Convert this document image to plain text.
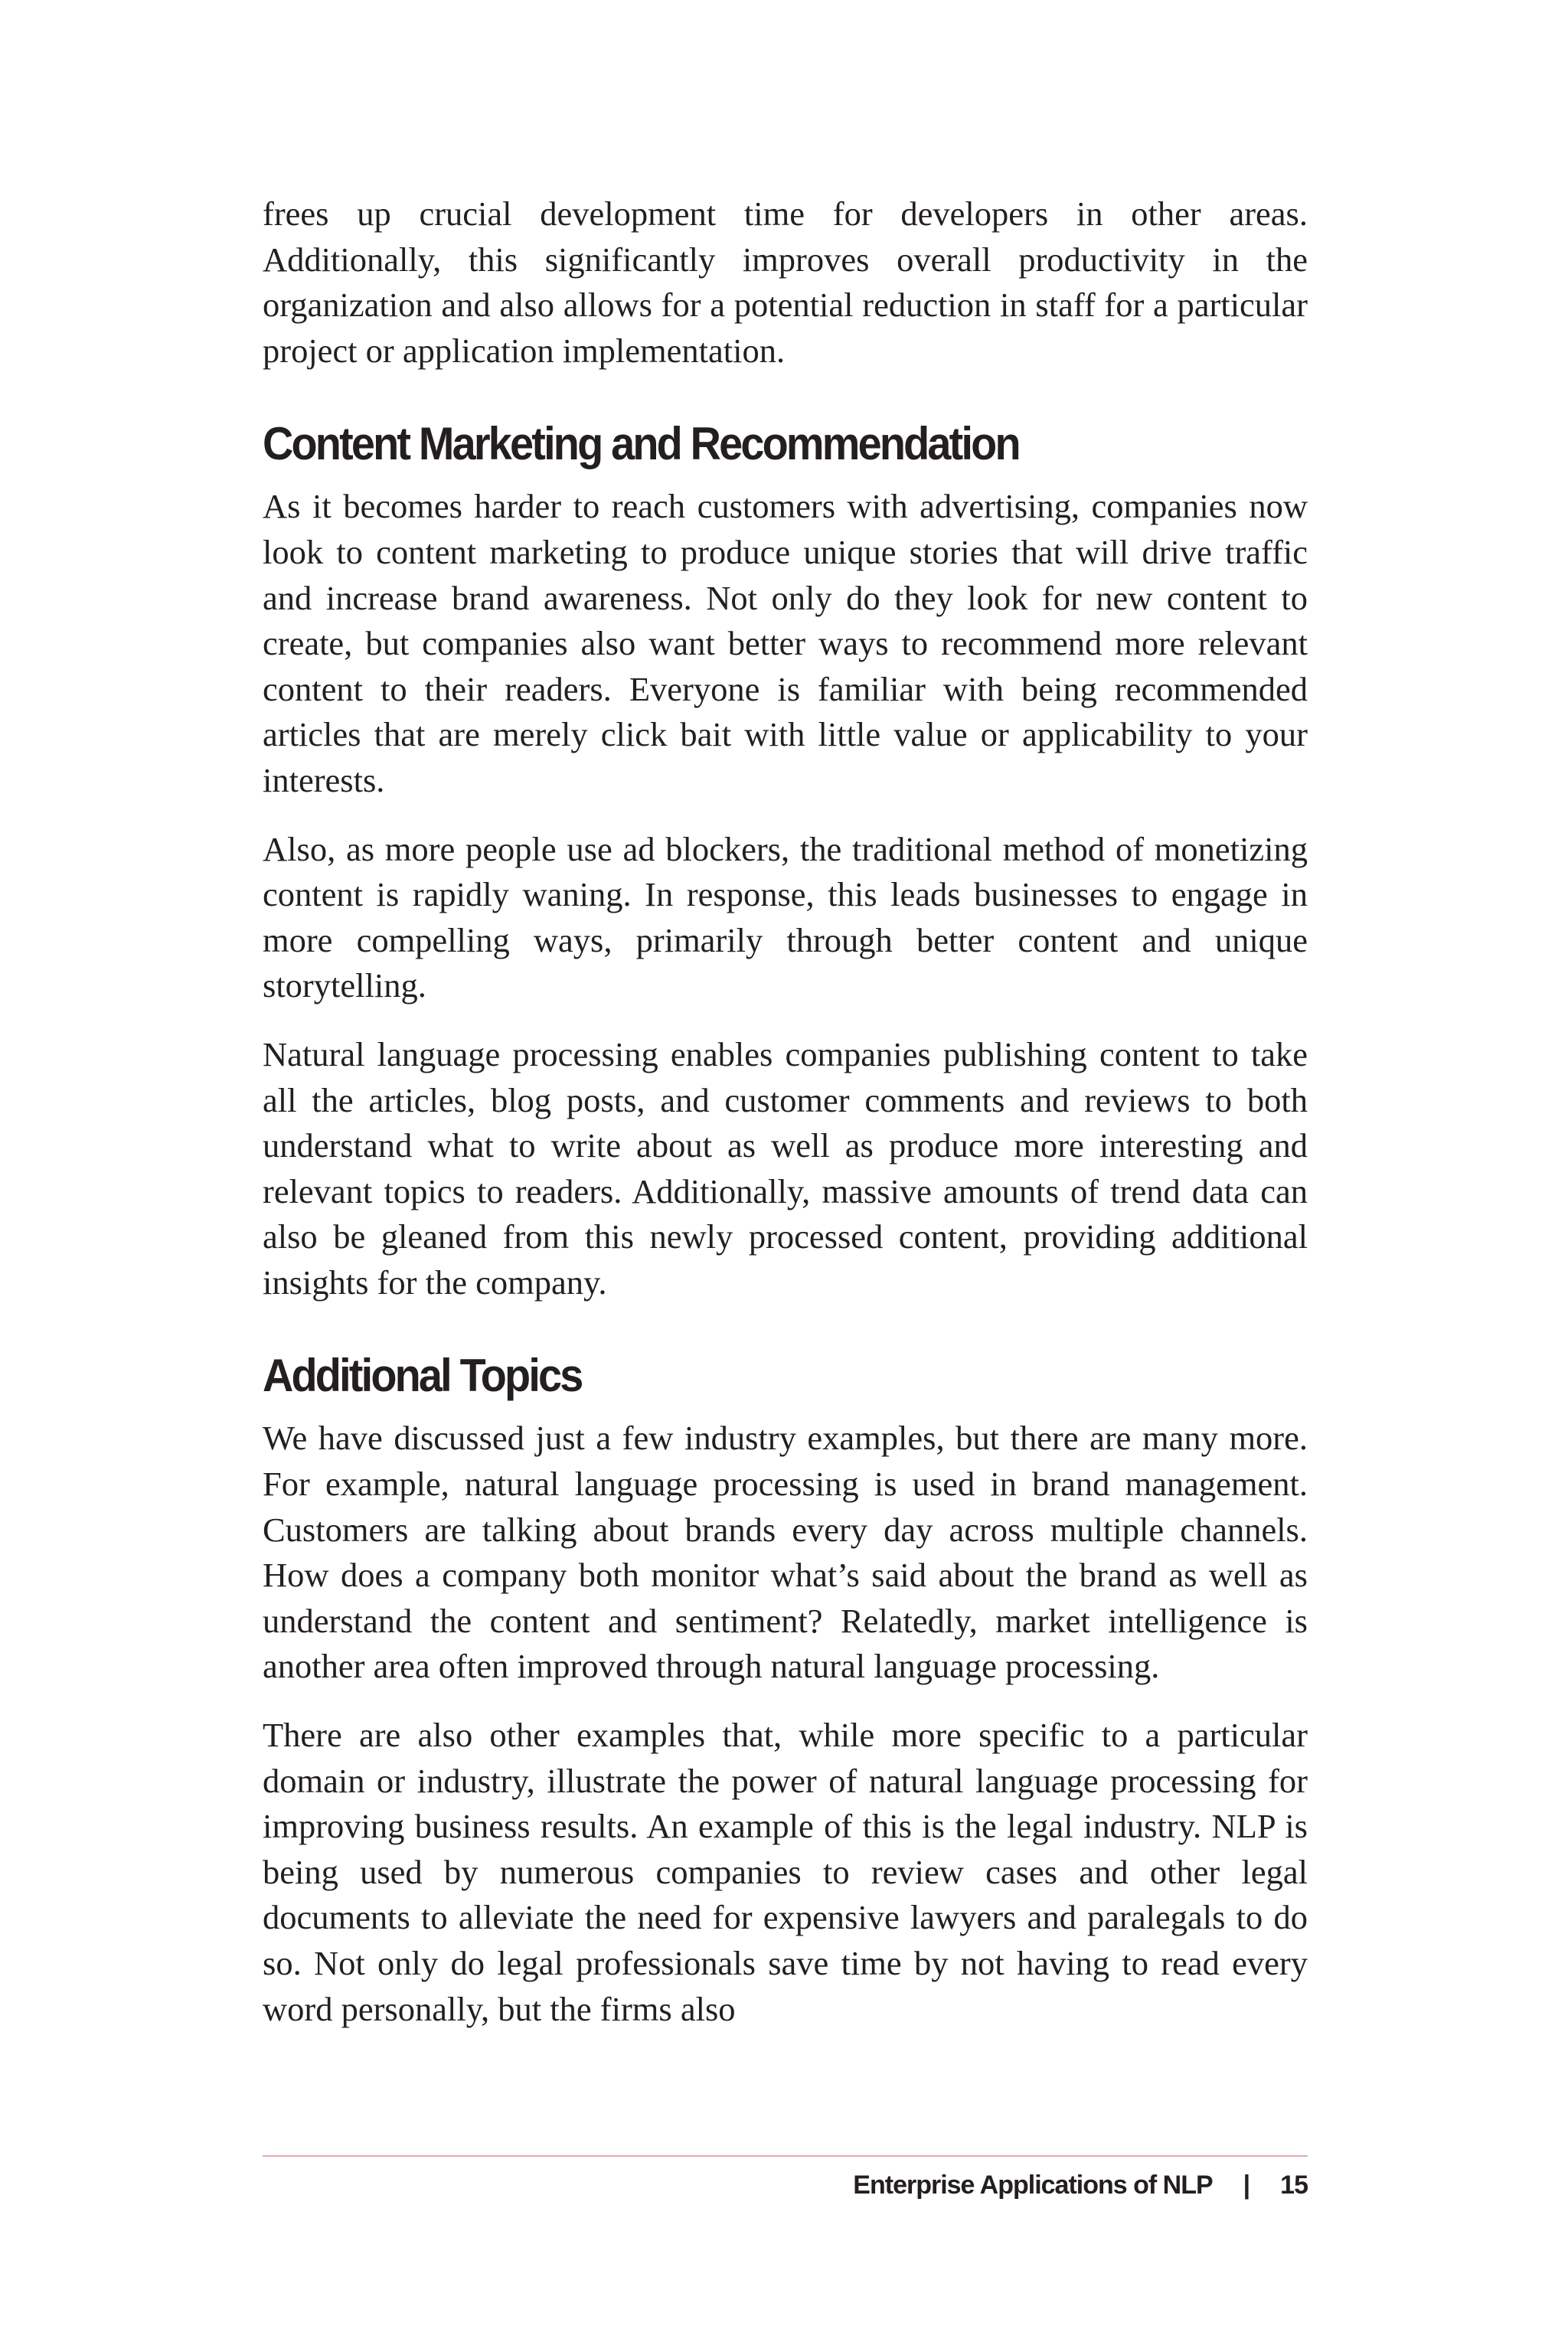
frees up crucial development time for developers in other areas. Additionally, this significantly improves overall productivity in the organization and also allows for a potential reduction in staff for a particular project or application implementation.

Content Marketing and Recommendation

As it becomes harder to reach customers with advertising, companies now look to content marketing to produce unique stories that will drive traffic and increase brand awareness. Not only do they look for new content to create, but companies also want better ways to recommend more relevant content to their readers. Everyone is familiar with being recommended articles that are merely click bait with little value or applicability to your interests.

Also, as more people use ad blockers, the traditional method of monetizing content is rapidly waning. In response, this leads businesses to engage in more compelling ways, primarily through better content and unique storytelling.

Natural language processing enables companies publishing content to take all the articles, blog posts, and customer comments and reviews to both understand what to write about as well as produce more interesting and relevant topics to readers. Additionally, massive amounts of trend data can also be gleaned from this newly processed content, providing additional insights for the company.

Additional Topics

We have discussed just a few industry examples, but there are many more. For example, natural language processing is used in brand management. Customers are talking about brands every day across multiple channels. How does a company both monitor what’s said about the brand as well as understand the content and sentiment? Relatedly, market intelligence is another area often improved through natural language processing.

There are also other examples that, while more specific to a particular domain or industry, illustrate the power of natural language processing for improving business results. An example of this is the legal industry. NLP is being used by numerous companies to review cases and other legal documents to alleviate the need for expensive lawyers and paralegals to do so. Not only do legal professionals save time by not having to read every word personally, but the firms also

Enterprise Applications of NLP | 15
